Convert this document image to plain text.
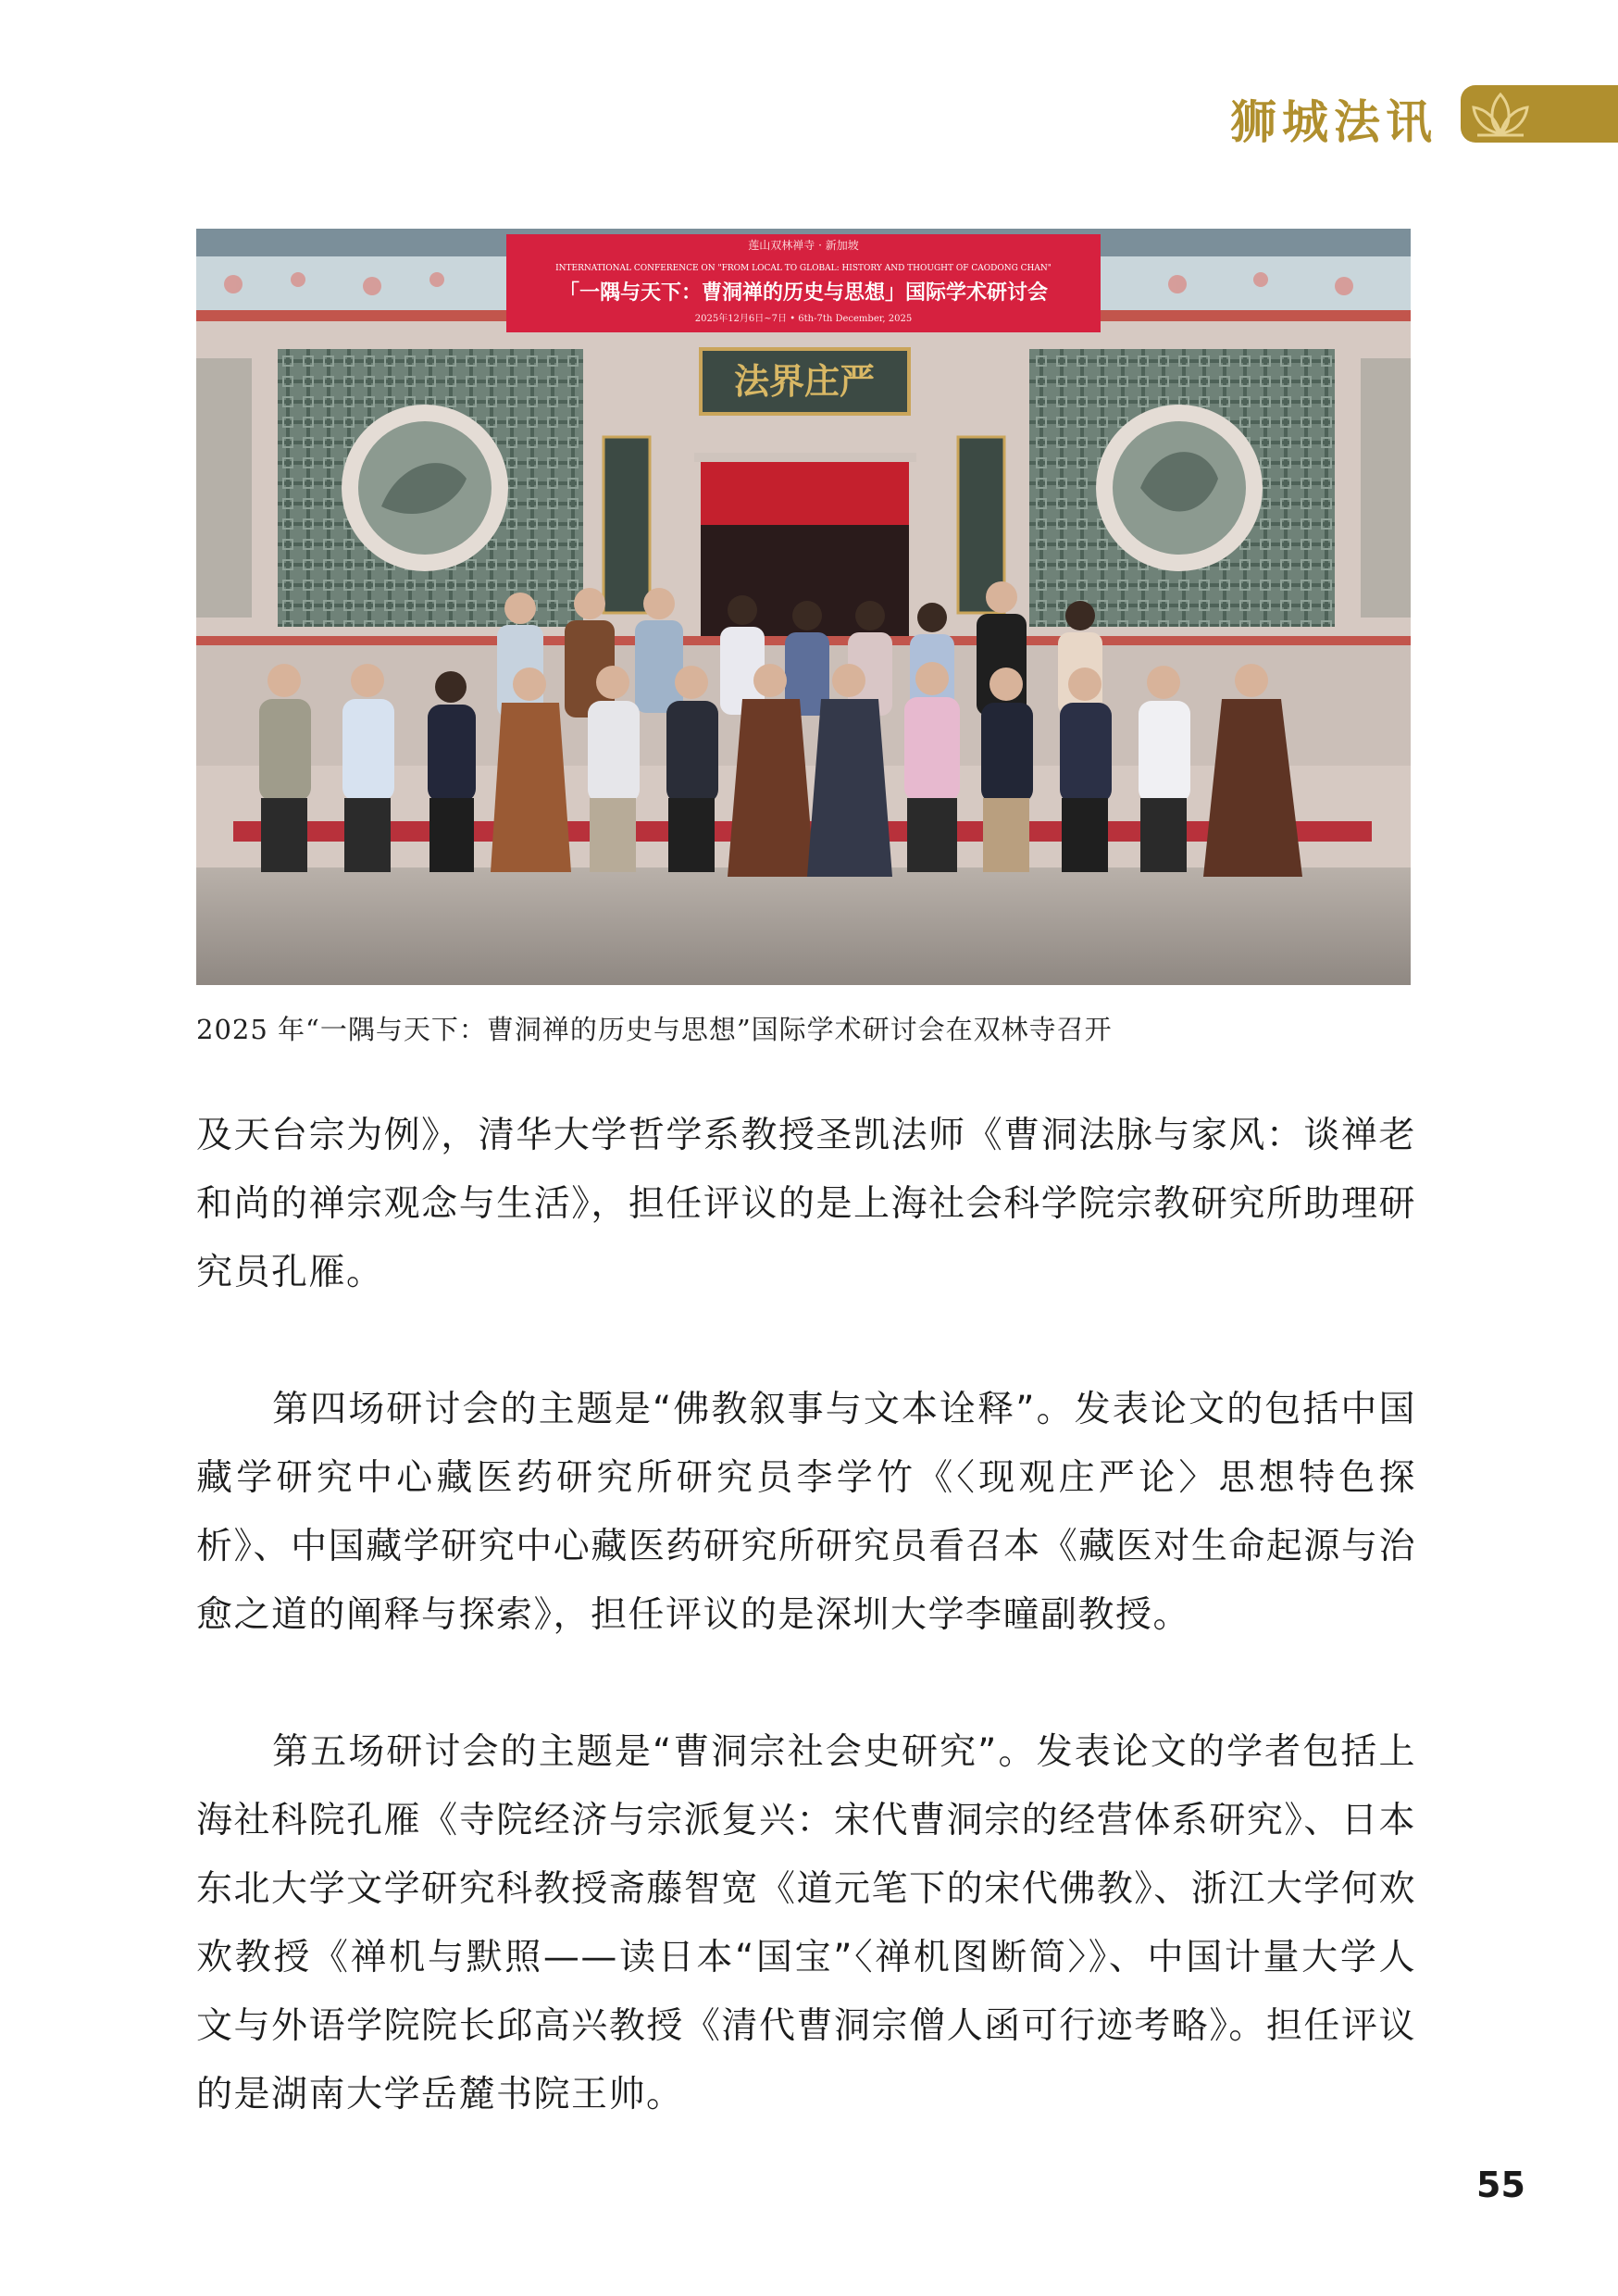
狮城法讯
莲山双林禅寺 · 新加坡
INTERNATIONAL CONFERENCE ON "FROM LOCAL TO GLOBAL: HISTORY AND THOUGHT OF CAODONG CHAN"
「一隅与天下：曹洞禅的历史与思想」国际学术研讨会
2025年12月6日~7日 • 6th-7th December, 2025
法界庄严
2025 年“一隅与天下：曹洞禅的历史与思想”国际学术研讨会在双林寺召开

及天台宗为例》，清华大学哲学系教授圣凯法师《曹洞法脉与家风：谈禅老和尚的禅宗观念与生活》，担任评议的是上海社会科学院宗教研究所助理研究员孔雁。

第四场研讨会的主题是“佛教叙事与文本诠释”。发表论文的包括中国藏学研究中心藏医药研究所研究员李学竹《〈现观庄严论〉思想特色探析》、中国藏学研究中心藏医药研究所研究员看召本《藏医对生命起源与治愈之道的阐释与探索》，担任评议的是深圳大学李曈副教授。

第五场研讨会的主题是“曹洞宗社会史研究”。发表论文的学者包括上海社科院孔雁《寺院经济与宗派复兴：宋代曹洞宗的经营体系研究》、日本东北大学文学研究科教授斋藤智宽《道元笔下的宋代佛教》、浙江大学何欢欢教授《禅机与默照——读日本“国宝”〈禅机图断简〉》、中国计量大学人文与外语学院院长邱高兴教授《清代曹洞宗僧人函可行迹考略》。担任评议的是湖南大学岳麓书院王帅。

55
